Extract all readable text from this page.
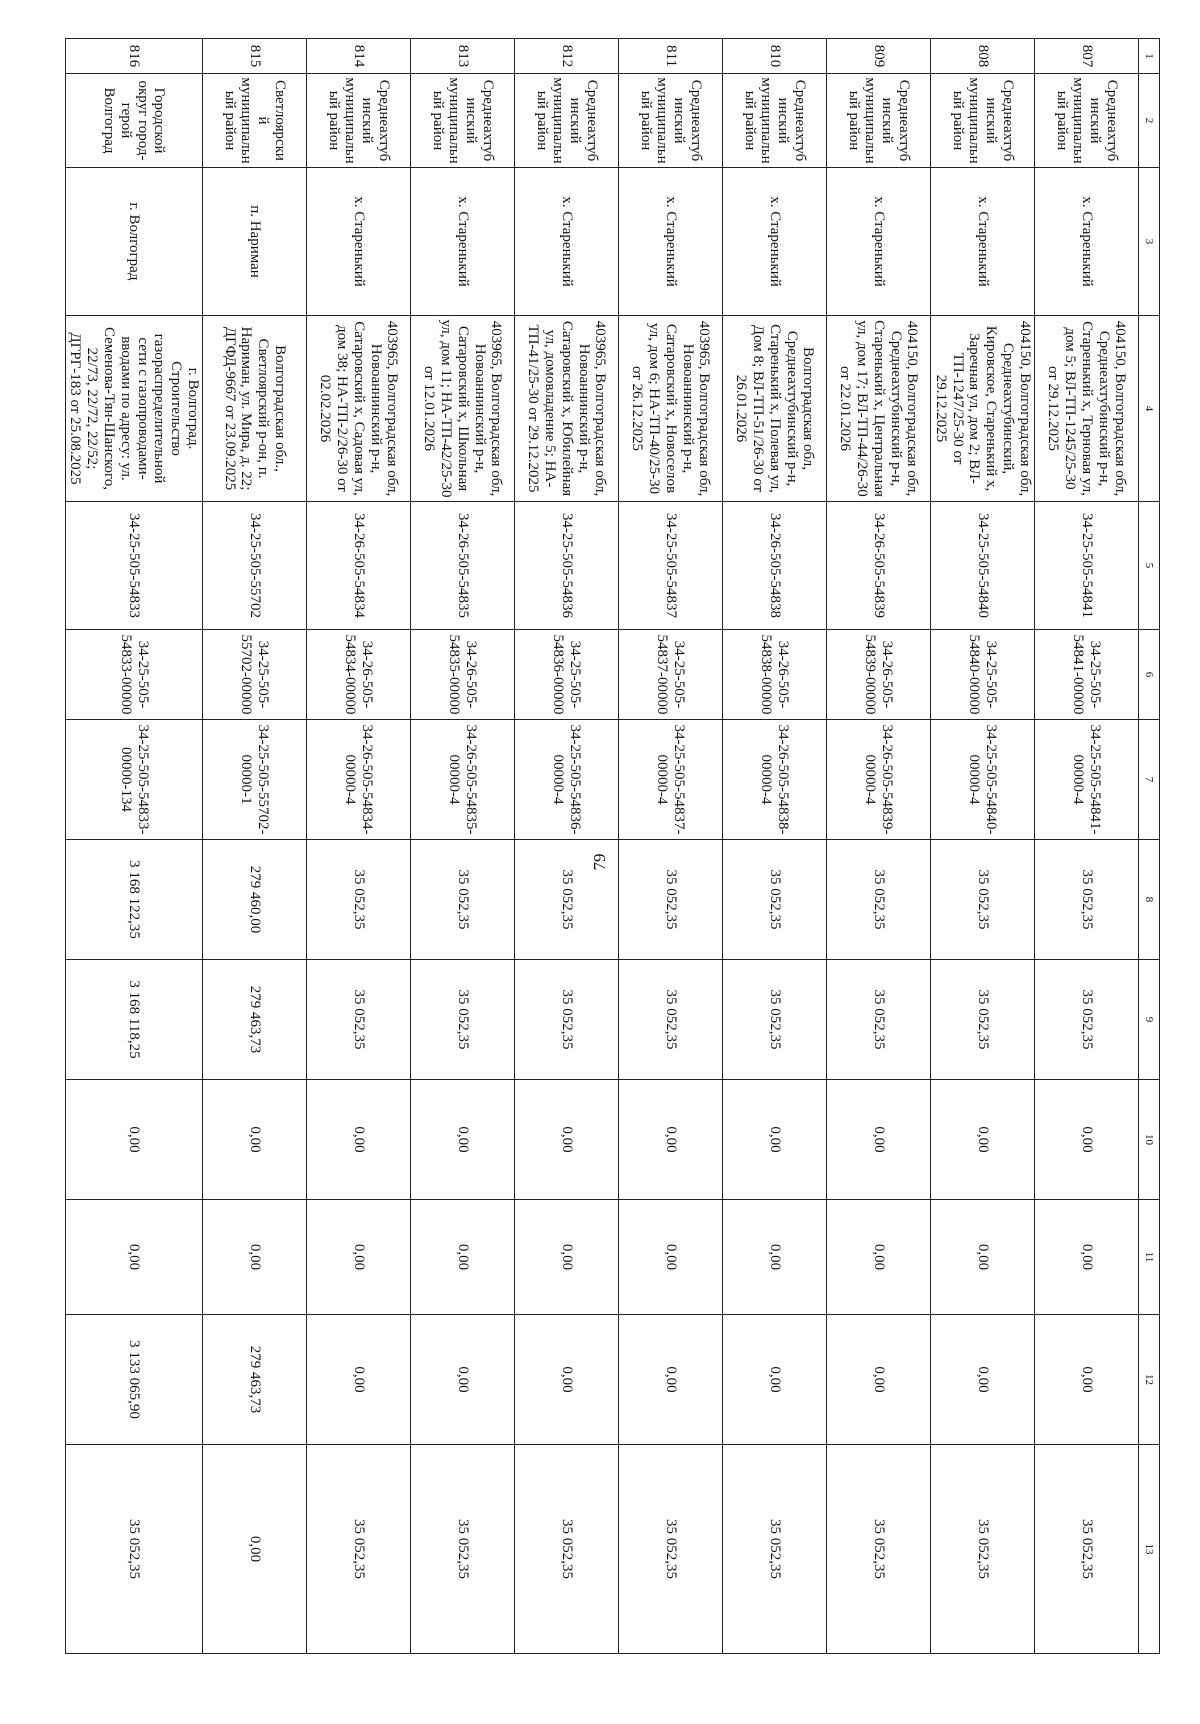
79
1	2	3	4	5	6	7	8	9	10	11	12	13
807	Среднеахтубинский муниципальный район	х. Старенький	404150, Волгоградская обл, Среднеахтубинский р-н, Старенький х, Терновая ул, дом 5; ВЛ-ТП-1245/25-30 от 29.12.2025	34-25-505-54841	34-25-505-54841-00000	34-25-505-54841-00000-4	35 052,35	35 052,35	0,00	0,00	0,00	35 052,35
808	Среднеахтубинский муниципальный район	х. Старенький	404150, Волгоградская обл, Среднеахтубинский, Кировское, Старенький х, Заречная ул, дом 2; ВЛ-ТП-1247/25-30 от 29.12.2025	34-25-505-54840	34-25-505-54840-00000	34-25-505-54840-00000-4	35 052,35	35 052,35	0,00	0,00	0,00	35 052,35
809	Среднеахтубинский муниципальный район	х. Старенький	404150, Волгоградская обл, Среднеахтубинский р-н, Старенький х, Центральная ул, дом 17; ВЛ-ТП-44/26-30 от 22.01.2026	34-26-505-54839	34-26-505-54839-00000	34-26-505-54839-00000-4	35 052,35	35 052,35	0,00	0,00	0,00	35 052,35
810	Среднеахтубинский муниципальный район	х. Старенький	Волгоградская обл, Среднеахтубинский р-н, Старенький х, Полевая ул, Дом 8; ВЛ-ТП-51/26-30 от 26.01.2026	34-26-505-54838	34-26-505-54838-00000	34-26-505-54838-00000-4	35 052,35	35 052,35	0,00	0,00	0,00	35 052,35
811	Среднеахтубинский муниципальный район	х. Старенький	403965, Волгоградская обл, Новоаннинский р-н, Сатаровский х, Новоселов ул, дом 6; НА-ТП-40/25-30 от 26.12.2025	34-25-505-54837	34-25-505-54837-00000	34-25-505-54837-00000-4	35 052,35	35 052,35	0,00	0,00	0,00	35 052,35
812	Среднеахтубинский муниципальный район	х. Старенький	403965, Волгоградская обл, Новоаннинский р-н, Сатаровский х, Юбилейная ул, домовладение 5; НА-ТП-41/25-30 от 29.12.2025	34-25-505-54836	34-25-505-54836-00000	34-25-505-54836-00000-4	35 052,35	35 052,35	0,00	0,00	0,00	35 052,35
813	Среднеахтубинский муниципальный район	х. Старенький	403965, Волгоградская обл, Новоаннинский р-н, Сатаровский х, Школьная ул, дом 11; НА-ТП-42/25-30 от 12.01.2026	34-26-505-54835	34-26-505-54835-00000	34-26-505-54835-00000-4	35 052,35	35 052,35	0,00	0,00	0,00	35 052,35
814	Среднеахтубинский муниципальный район	х. Старенький	403965, Волгоградская обл, Новоаннинский р-н, Сатаровский х, Садовая ул, дом 38; НА-ТП-2/26-30 от 02.02.2026	34-26-505-54834	34-26-505-54834-00000	34-26-505-54834-00000-4	35 052,35	35 052,35	0,00	0,00	0,00	35 052,35
815	Светлоярский муниципальный район	п. Нариман	Волгоградская обл., Светлоярский р-он, п. Нариман, ул. Мира, д. 22; ДГФД-9667 от 23.09.2025	34-25-505-55702	34-25-505-55702-00000	34-25-505-55702-00000-1	279 460,00	279 463,73	0,00	0,00	279 463,73	0,00
816	Городской округ город-герой Волгоград	г. Волгоград	г. Волгоград. Строительство газораспределительной сети с газопроводами-вводами по адресу: ул. Семенова-Тян-Шанского, 22/73, 22/72, 22/52; ДГРГ-183 от 25.08.2025	34-25-505-54833	34-25-505-54833-00000	34-25-505-54833-00000-134	3 168 122,35	3 168 118,25	0,00	0,00	3 133 065,90	35 052,35
